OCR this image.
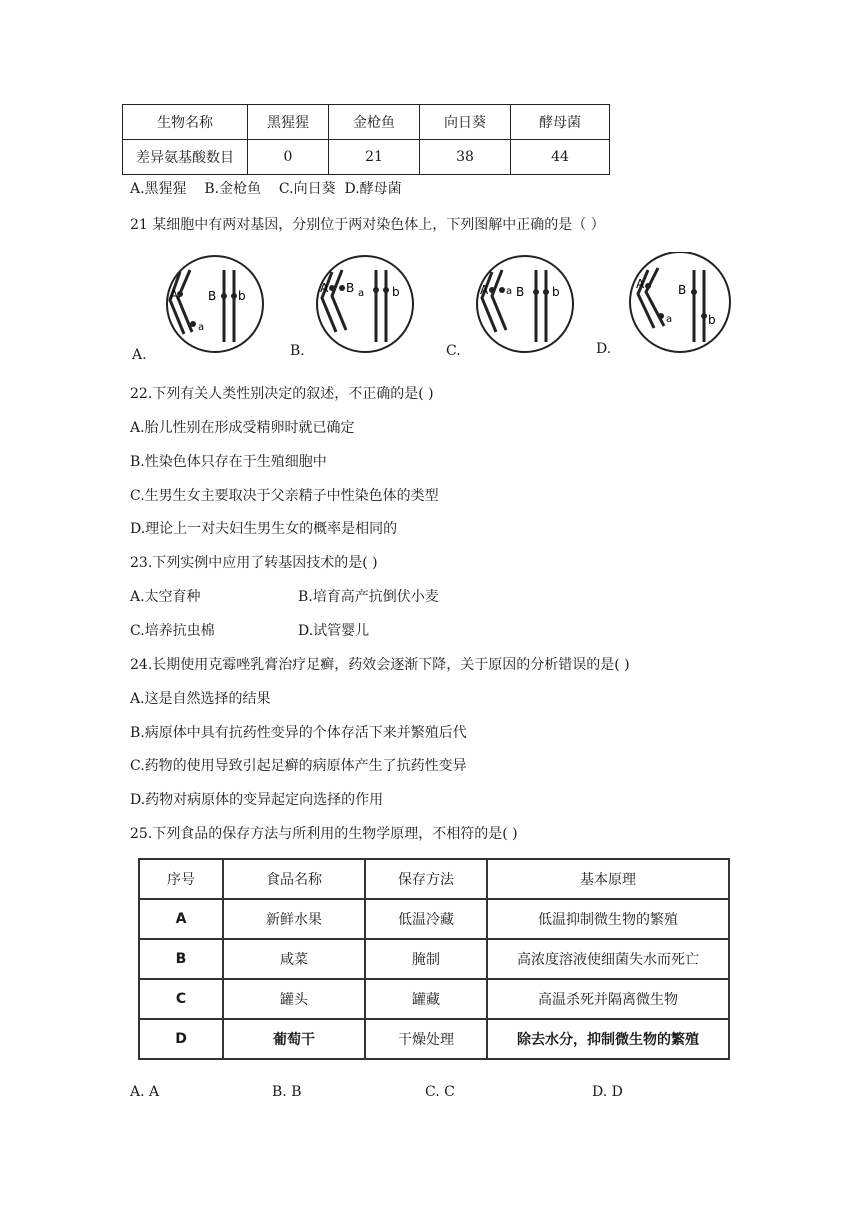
生物名称	黑猩猩	金枪鱼	向日葵	酵母菌
差异氨基酸数目	0	21	38	44
A.黑猩猩    B.金枪鱼    C.向日葵  D.酵母菌
21 某细胞中有两对基因，分别位于两对染色体上，下列图解中正确的是（ ）
A
a
B b
A B a b	A a B b
A
a
B
b
A.	B.	C.	D.
22.下列有关人类性别决定的叙述，不正确的是( )
A.胎儿性别在形成受精卵时就已确定
B.性染色体只存在于生殖细胞中
C.生男生女主要取决于父亲精子中性染色体的类型
D.理论上一对夫妇生男生女的概率是相同的
23.下列实例中应用了转基因技术的是( )
A.太空育种	B.培育高产抗倒伏小麦
C.培养抗虫棉	D.试管婴儿
24.长期使用克霉唑乳膏治疗足癣，药效会逐渐下降，关于原因的分析错误的是( )
A.这是自然选择的结果
B.病原体中具有抗药性变异的个体存活下来并繁殖后代
C.药物的使用导致引起足癣的病原体产生了抗药性变异
D.药物对病原体的变异起定向选择的作用
25.下列食品的保存方法与所利用的生物学原理，不相符的是( )
序号	食品名称	保存方法	基本原理
A	新鲜水果	低温冷藏	低温抑制微生物的繁殖
B	咸菜	腌制	高浓度溶液使细菌失水而死亡
C	罐头	罐藏	高温杀死并隔离微生物
D	葡萄干	干燥处理	除去水分，抑制微生物的繁殖
A. A	B. B	C. C	D. D
